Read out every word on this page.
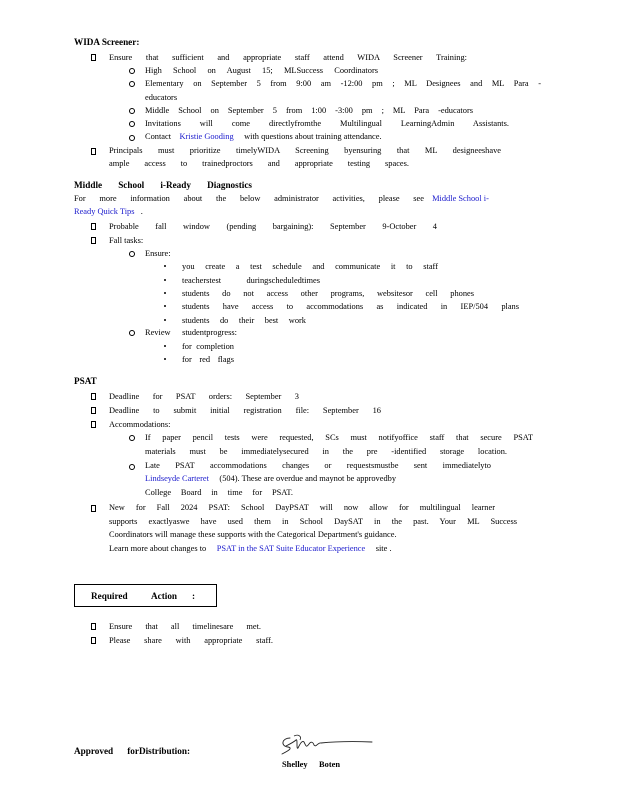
WIDA Screener:
Ensure that sufficient and appropriate staff attend WIDA Screener Training:
High School on August 15; MLSuccess Coordinators
Elementary on September 5 from 9:00 am -12:00 pm ; ML Designees and ML Para -
educators
Middle School on September 5 from 1:00 -3:00 pm ; ML Para -educators
Invitations will come directlyfromthe Multilingual LearningAdmin Assistants.
Contact Kristie Gooding with questions about training attendance.
Principals must prioritize timelyWIDA Screening byensuring that ML designeeshave
ample access to trainedproctors and appropriate testing spaces.
Middle School i-Ready Diagnostics
For more information about the below administrator activities, please see Middle School i-
Ready Quick Tips .
Probable fall window (pending bargaining): September 9-October 4
Fall tasks:
Ensure:
you create a test schedule and communicate it to staff
teacherstest duringscheduledtimes
students do not access other programs, websitesor cell phones
students have access to accommodations as indicated in IEP/504 plans
students do their best work
Review studentprogress:
for completion
for red flags
PSAT
Deadline for PSAT orders: September 3
Deadline to submit initial registration file: September 16
Accommodations:
If paper pencil tests were requested, SCs must notifyoffice staff that secure PSAT
materials must be immediatelysecured in the pre -identified storage location.
Late PSAT accommodations changes or requestsmustbe sent immediatelyto
Lindseyde Carteret (504). These are overdue and maynot be approvedby
College Board in time for PSAT.
New for Fall 2024 PSAT: School DayPSAT will now allow for multilingual learner
supports exactlyaswe have used them in School DaySAT in the past. Your ML Success
Coordinators will manage these supports with the Categorical Department's guidance.
Learn more about changes to PSAT in the SAT Suite Educator Experience site .
Required	Action :
Ensure that all timelinesare met.
Please share with appropriate staff.
Approved forDistribution:
Shelley Boten
